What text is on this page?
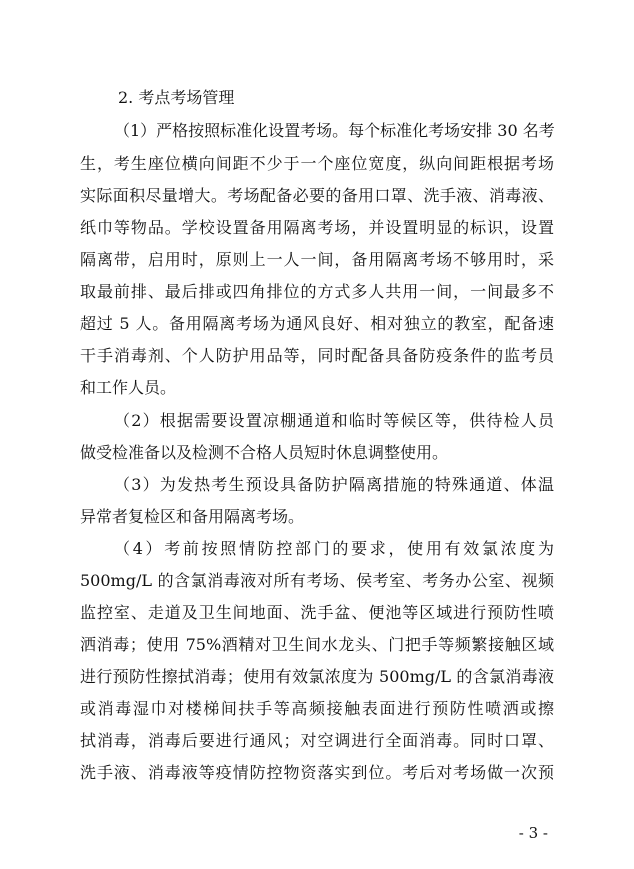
2. 考点考场管理
（1）严格按照标准化设置考场。每个标准化考场安排 30 名考
生，考生座位横向间距不少于一个座位宽度，纵向间距根据考场
实际面积尽量增大。考场配备必要的备用口罩、洗手液、消毒液、
纸巾等物品。学校设置备用隔离考场，并设置明显的标识，设置
隔离带，启用时，原则上一人一间，备用隔离考场不够用时，采
取最前排、最后排或四角排位的方式多人共用一间，一间最多不
超过 5 人。备用隔离考场为通风良好、相对独立的教室，配备速
干手消毒剂、个人防护用品等，同时配备具备防疫条件的监考员
和工作人员。
（2）根据需要设置凉棚通道和临时等候区等，供待检人员
做受检准备以及检测不合格人员短时休息调整使用。
（3）为发热考生预设具备防护隔离措施的特殊通道、体温
异常者复检区和备用隔离考场。
（4）考前按照情防控部门的要求，使用有效氯浓度为
500mg/L 的含氯消毒液对所有考场、侯考室、考务办公室、视频
监控室、走道及卫生间地面、洗手盆、便池等区域进行预防性喷
洒消毒；使用 75%酒精对卫生间水龙头、门把手等频繁接触区域
进行预防性擦拭消毒；使用有效氯浓度为 500mg/L 的含氯消毒液
或消毒湿巾对楼梯间扶手等高频接触表面进行预防性喷洒或擦
拭消毒，消毒后要进行通风；对空调进行全面消毒。同时口罩、
洗手液、消毒液等疫情防控物资落实到位。考后对考场做一次预
- 3 -
